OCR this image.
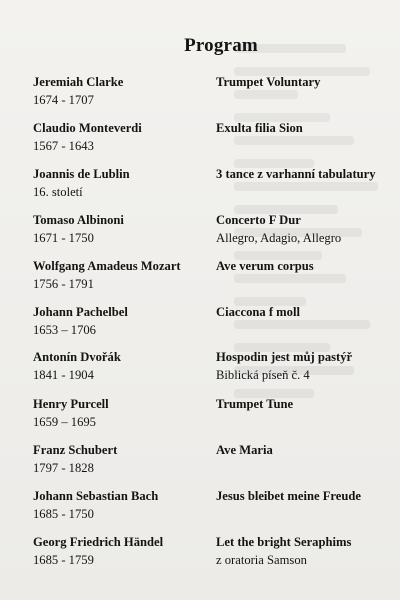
Program
Jeremiah Clarke
1674 - 1707
Trumpet Voluntary
Claudio Monteverdi
1567 - 1643
Exulta filia Sion
Joannis de Lublin
16. století
3 tance z varhanní tabulatury
Tomaso Albinoni
1671 - 1750
Concerto F Dur
Allegro, Adagio, Allegro
Wolfgang Amadeus Mozart
1756 - 1791
Ave verum corpus
Johann Pachelbel
1653 – 1706
Ciaccona f moll
Antonín Dvořák
1841 - 1904
Hospodin jest můj pastýř
Biblická píseň č. 4
Henry Purcell
1659 – 1695
Trumpet Tune
Franz Schubert
1797 - 1828
Ave Maria
Johann Sebastian Bach
1685 - 1750
Jesus bleibet meine Freude
Georg Friedrich Händel
1685 - 1759
Let the bright Seraphims
z oratoria Samson
